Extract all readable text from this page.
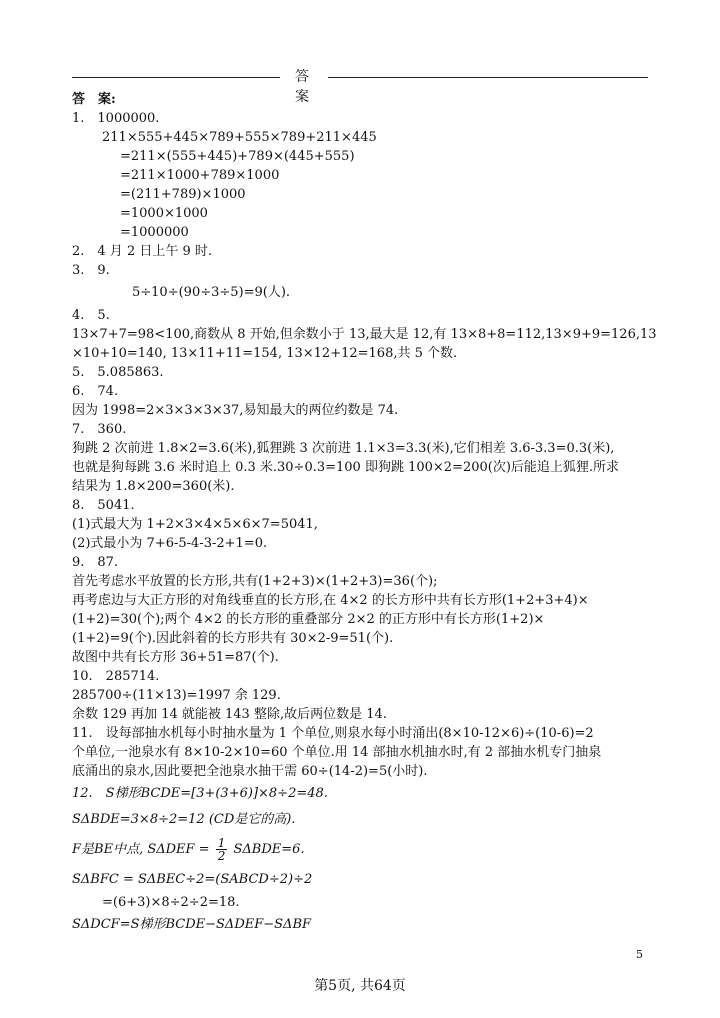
答 案
答　案:
1.　1000000.
211×555+445×789+555×789+211×445
=211×(555+445)+789×(445+555)
=211×1000+789×1000
=(211+789)×1000
=1000×1000
=1000000
2.　4 月 2 日上午 9 时.
3.　9.
5÷10÷(90÷3÷5)=9(人).
4.　5.
13×7+7=98<100,商数从 8 开始,但余数小于 13,最大是 12,有 13×8+8=112,13×9+9=126,13
×10+10=140, 13×11+11=154, 13×12+12=168,共 5 个数.
5.　5.085863.
6.　74.
因为 1998=2×3×3×3×37,易知最大的两位约数是 74.
7.　360.
狗跳 2 次前进 1.8×2=3.6(米),狐狸跳 3 次前进 1.1×3=3.3(米),它们相差 3.6-3.3=0.3(米),
也就是狗每跳 3.6 米时追上 0.3 米.30÷0.3=100 即狗跳 100×2=200(次)后能追上狐狸.所求
结果为 1.8×200=360(米).
8.　5041.
(1)式最大为 1+2×3×4×5×6×7=5041,
(2)式最小为 7+6-5-4-3-2+1=0.
9.　87.
首先考虑水平放置的长方形,共有(1+2+3)×(1+2+3)=36(个);
再考虑边与大正方形的对角线垂直的长方形,在 4×2 的长方形中共有长方形(1+2+3+4)×
(1+2)=30(个);两个 4×2 的长方形的重叠部分 2×2 的正方形中有长方形(1+2)×
(1+2)=9(个).因此斜着的长方形共有 30×2-9=51(个).
故图中共有长方形 36+51=87(个).
10.　285714.
285700÷(11×13)=1997 余 129.
余数 129 再加 14 就能被 143 整除,故后两位数是 14.
11.　设每部抽水机每小时抽水量为 1 个单位,则泉水每小时涌出(8×10-12×6)÷(10-6)=2
个单位,一池泉水有 8×10-2×10=60 个单位.用 14 部抽水机抽水时,有 2 部抽水机专门抽泉
底涌出的泉水,因此要把全池泉水抽干需 60÷(14-2)=5(小时).
12.　S梯形BCDE=[3+(3+6)]×8÷2=48.
SΔBDE=3×8÷2=12 (CD是它的高).
F是BE中点, $S\Delta DEF = \frac{1}{2} S\Delta BDE=6$.
SΔBFC = SΔBEC÷2=(SABCD÷2)÷2
=(6+3)×8÷2÷2=18.
SΔDCF=S梯形BCDE−SΔDEF−SΔBF
5
第5页, 共64页
